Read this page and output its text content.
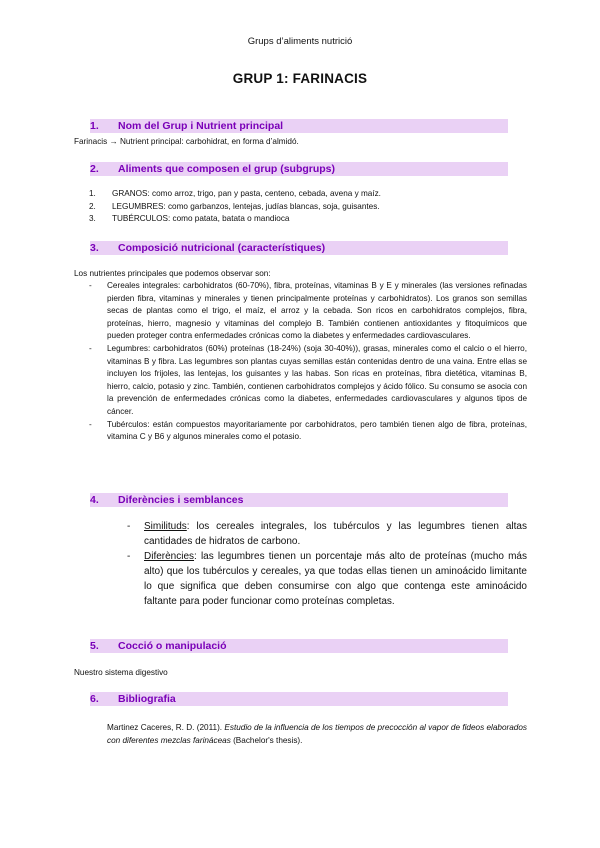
Grups d’aliments nutrició
GRUP 1: FARINACIS
1.	Nom del Grup i Nutrient principal
Farinacis → Nutrient principal: carbohidrat, en forma d’almidó.
2.	Aliments que composen el grup (subgrups)
1. GRANOS: como arroz, trigo, pan y pasta, centeno, cebada, avena y maíz.
2. LEGUMBRES: como garbanzos, lentejas, judías blancas, soja, guisantes.
3. TUBÉRCULOS: como patata, batata o mandioca
3.	Composició nutricional (característiques)
Los nutrientes principales que podemos observar son:
- Cereales integrales: carbohidratos (60-70%), fibra, proteínas, vitaminas B y E y minerales (las versiones refinadas pierden fibra, vitaminas y minerales y tienen principalmente proteínas y carbohidratos). Los granos son semillas secas de plantas como el trigo, el maíz, el arroz y la cebada. Son ricos en carbohidratos complejos, fibra, proteínas, hierro, magnesio y vitaminas del complejo B. También contienen antioxidantes y fitoquímicos que pueden proteger contra enfermedades crónicas como la diabetes y enfermedades cardiovasculares.
- Legumbres: carbohidratos (60%) proteínas (18-24%) (soja 30-40%)), grasas, minerales como el calcio o el hierro, vitaminas B y fibra. Las legumbres son plantas cuyas semillas están contenidas dentro de una vaina. Entre ellas se incluyen los frijoles, las lentejas, los guisantes y las habas. Son ricas en proteínas, fibra dietética, vitaminas B, hierro, calcio, potasio y zinc. También, contienen carbohidratos complejos y ácido fólico. Su consumo se asocia con la prevención de enfermedades crónicas como la diabetes, enfermedades cardiovasculares y algunos tipos de cáncer.
- Tubérculos: están compuestos mayoritariamente por carbohidratos, pero también tienen algo de fibra, proteínas, vitamina C y B6 y algunos minerales como el potasio.
4.	Diferències i semblances
- Similituds: los cereales integrales, los tubérculos y las legumbres tienen altas cantidades de hidratos de carbono.
- Diferències: las legumbres tienen un porcentaje más alto de proteínas (mucho más alto) que los tubérculos y cereales, ya que todas ellas tienen un aminoácido limitante lo que significa que deben consumirse con algo que contenga este aminoácido faltante para poder funcionar como proteínas completas.
5.	Cocció o manipulació
Nuestro sistema digestivo
6.	Bibliografia
Martinez Caceres, R. D. (2011). Estudio de la influencia de los tiempos de precocción al vapor de fideos elaborados con diferentes mezclas farináceas (Bachelor's thesis).
